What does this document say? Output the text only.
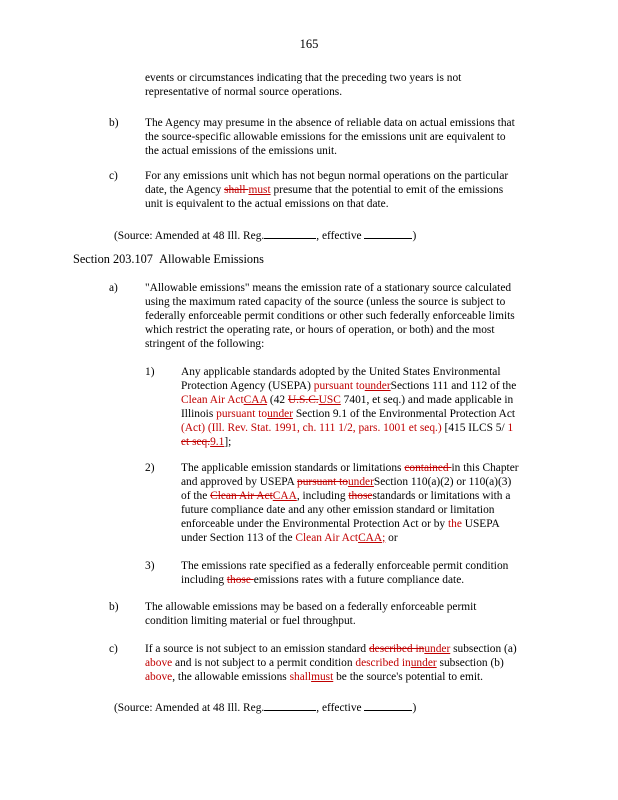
165

events or circumstances indicating that the preceding two years is not

representative of normal source operations.

b) The Agency may presume in the absence of reliable data on actual emissions that

the source-specific allowable emissions for the emissions unit are equivalent to

the actual emissions of the emissions unit.

c) For any emissions unit which has not begun normal operations on the particular

date, the Agency shall must presume that the potential to emit of the emissions

unit is equivalent to the actual emissions on that date.

(Source: Amended at 48 Ill. Reg.	, effective	)
Section 203.107 Allowable Emissions
a) "Allowable emissions" means the emission rate of a stationary source calculated

using the maximum rated capacity of the source (unless the source is subject to

federally enforceable permit conditions or other such federally enforceable limits

which restrict the operating rate, or hours of operation, or both) and the most

stringent of the following:

1) Any applicable standards adopted by the United States Environmental

Protection Agency (USEPA) pursuant tounderSections 111 and 112 of the

Clean Air ActCAA (42 U.S.C.USC 7401, et seq.) and made applicable in

Illinois pursuant tounder Section 9.1 of the Environmental Protection Act

(Act) (Ill. Rev. Stat. 1991, ch. 111 1/2, pars. 1001 et seq.) [415 ILCS 5/ 1

et seq.9.1];

2) The applicable emission standards or limitations contained in this Chapter

and approved by USEPA pursuant tounderSection 110(a)(2) or 110(a)(3)

of the Clean Air ActCAA, including thosestandards or limitations with a

future compliance date and any other emission standard or limitation

enforceable under the Environmental Protection Act or by the USEPA

under Section 113 of the Clean Air ActCAA; or

3) The emissions rate specified as a federally enforceable permit condition

including those emissions rates with a future compliance date.

b) The allowable emissions may be based on a federally enforceable permit

condition limiting material or fuel throughput.

c) If a source is not subject to an emission standard described inunder subsection (a)

above and is not subject to a permit condition described inunder subsection (b)

above, the allowable emissions shallmust be the source's potential to emit.

(Source: Amended at 48 Ill. Reg.	, effective	)
